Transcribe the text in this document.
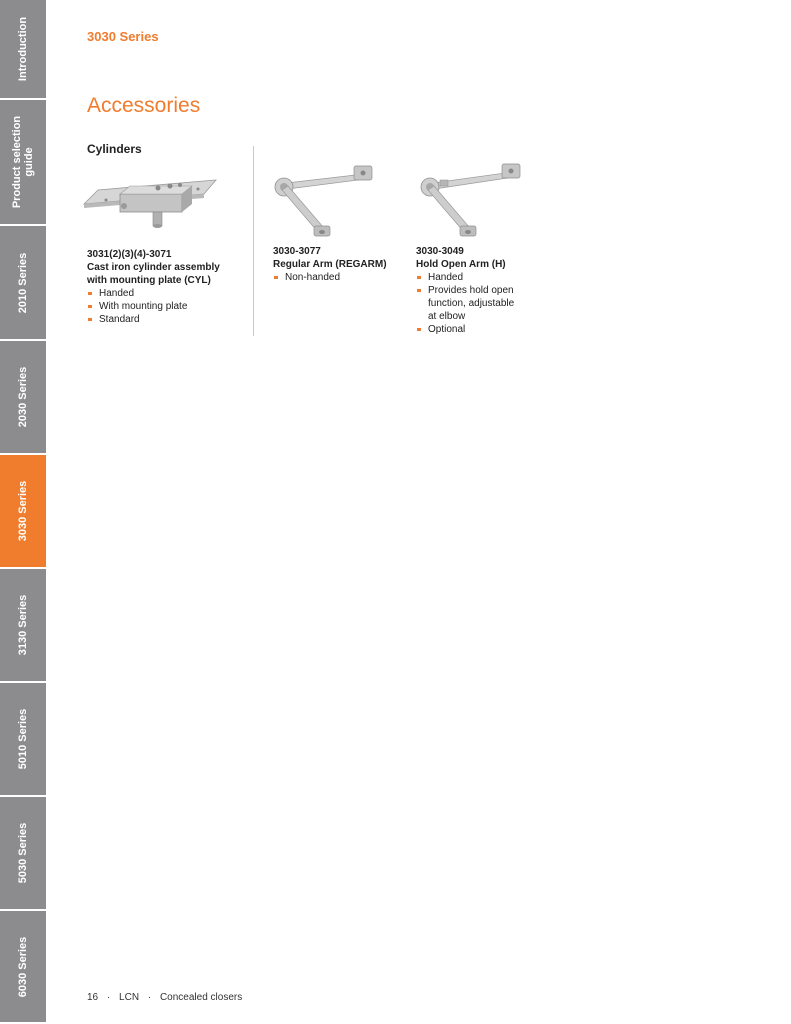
Introduction
Product selection
guide
2010 Series
2030 Series
3030 Series
3130 Series
5010 Series
5030 Series
6030 Series
3030 Series
Accessories
Cylinders
3031(2)(3)(4)-3071
Cast iron cylinder assembly
with mounting plate (CYL)
Handed
With mounting plate
Standard
3030-3077
Regular Arm (REGARM)
Non-handed
3030-3049
Hold Open Arm (H)
Handed
Provides hold open
function, adjustable
at elbow
Optional
16 · LCN · Concealed closers
